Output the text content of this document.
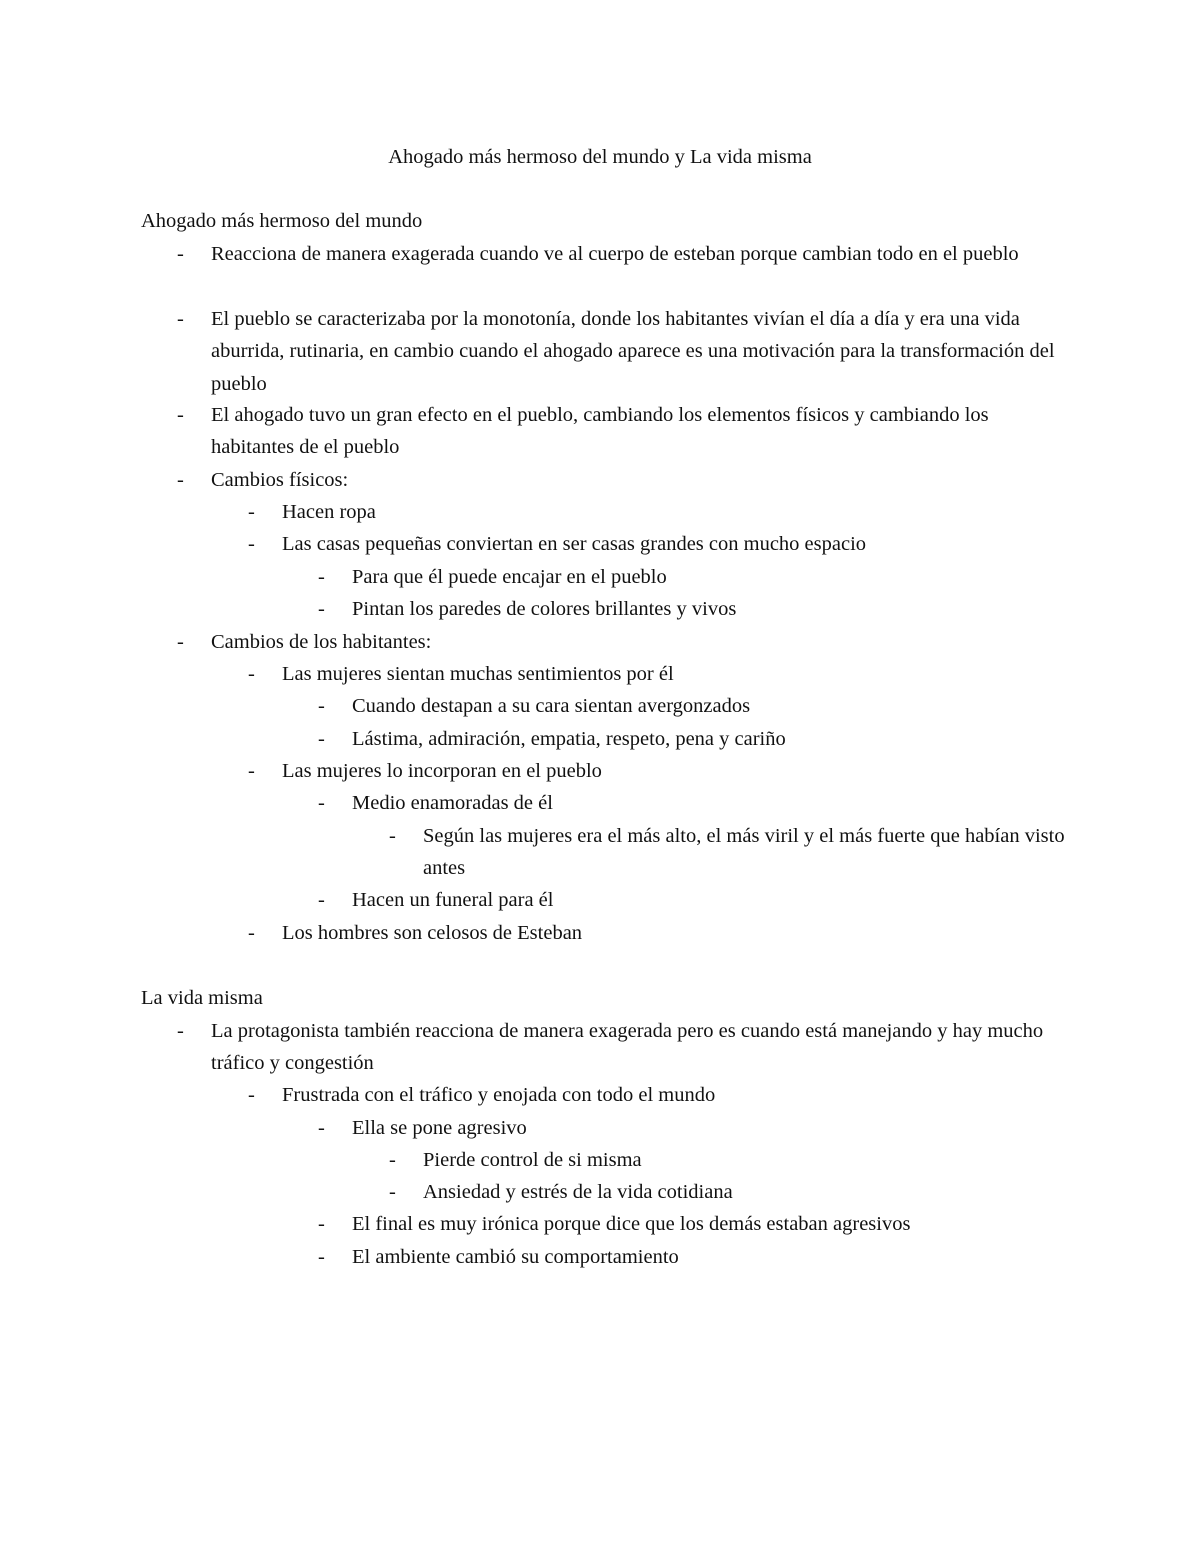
Ahogado más hermoso del mundo y La vida misma
Ahogado más hermoso del mundo
- Reacciona de manera exagerada cuando ve al cuerpo de esteban porque cambian todo en el pueblo
- El pueblo se caracterizaba por la monotonía, donde los habitantes vivían el día a día y era una vida aburrida, rutinaria, en cambio cuando el ahogado aparece es una motivación para la transformación del pueblo
- El ahogado tuvo un gran efecto en el pueblo, cambiando los elementos físicos y cambiando los habitantes de el pueblo
- Cambios físicos:
- Hacen ropa
- Las casas pequeñas conviertan en ser casas grandes con mucho espacio
- Para que él puede encajar en el pueblo
- Pintan los paredes de colores brillantes y vivos
- Cambios de los habitantes:
- Las mujeres sientan muchas sentimientos por él
- Cuando destapan a su cara sientan avergonzados
- Lástima, admiración, empatia, respeto, pena y cariño
- Las mujeres lo incorporan en el pueblo
- Medio enamoradas de él
- Según las mujeres era el más alto, el más viril y el más fuerte que habían visto antes
- Hacen un funeral para él
- Los hombres son celosos de Esteban
La vida misma
- La protagonista también reacciona de manera exagerada pero es cuando está manejando y hay mucho tráfico y congestión
- Frustrada con el tráfico y enojada con todo el mundo
- Ella se pone agresivo
- Pierde control de si misma
- Ansiedad y estrés de la vida cotidiana
- El final es muy irónica porque dice que los demás estaban agresivos
- El ambiente cambió su comportamiento
